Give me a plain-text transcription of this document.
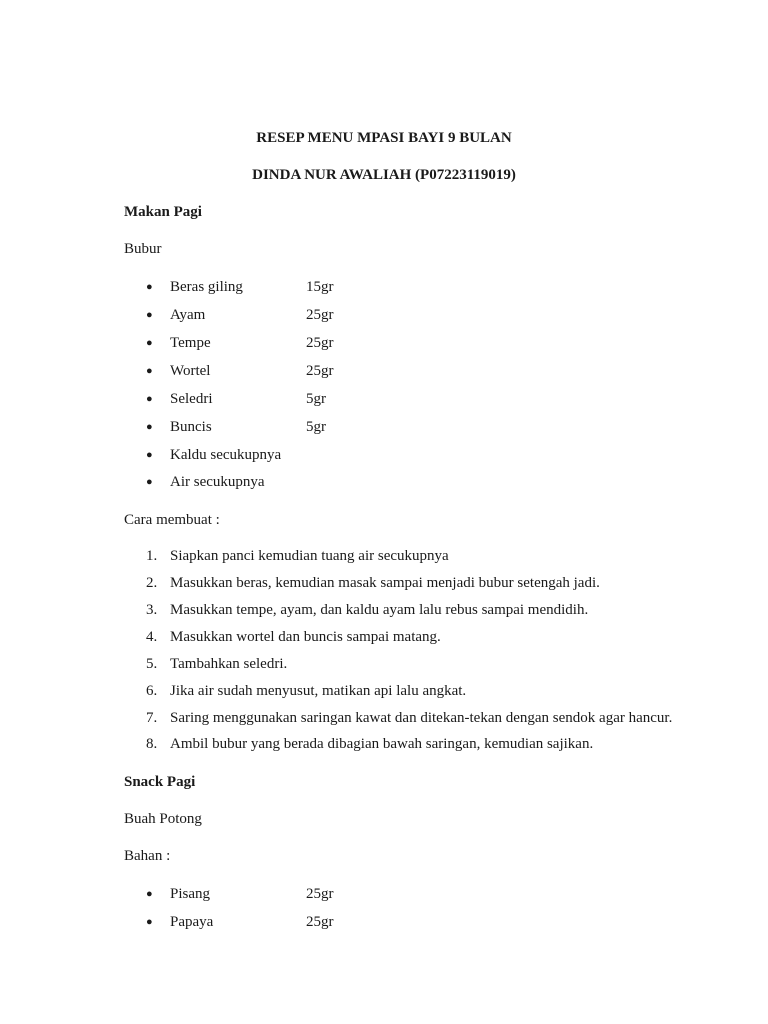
RESEP MENU MPASI BAYI 9 BULAN
DINDA NUR AWALIAH (P07223119019)
Makan Pagi
Bubur
● Beras giling	15gr
● Ayam	25gr
● Tempe	25gr
● Wortel	25gr
● Seledri	5gr
● Buncis	5gr
● Kaldu secukupnya
● Air secukupnya
Cara membuat :
1. Siapkan panci kemudian tuang air secukupnya
2. Masukkan beras, kemudian masak sampai menjadi bubur setengah jadi.
3. Masukkan tempe, ayam, dan kaldu ayam lalu rebus sampai mendidih.
4. Masukkan wortel dan buncis sampai matang.
5. Tambahkan seledri.
6. Jika air sudah menyusut, matikan api lalu angkat.
7. Saring menggunakan saringan kawat dan ditekan-tekan dengan sendok agar hancur.
8. Ambil bubur yang berada dibagian bawah saringan, kemudian sajikan.
Snack Pagi
Buah Potong
Bahan :
● Pisang	25gr
● Papaya	25gr
